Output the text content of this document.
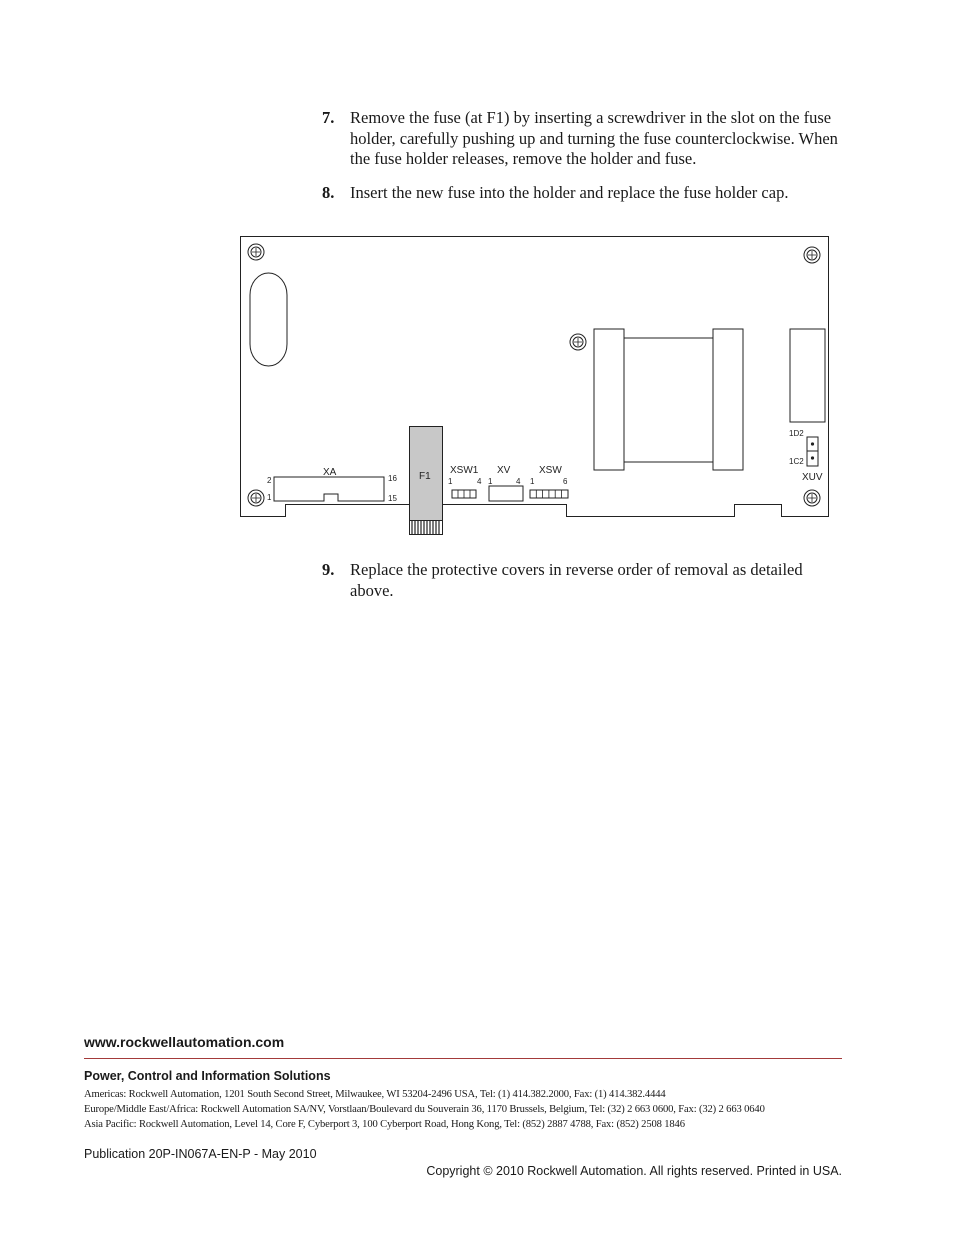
7. Remove the fuse (at F1) by inserting a screwdriver in the slot on the fuse holder, carefully pushing up and turning the fuse counterclockwise. When the fuse holder releases, remove the holder and fuse.
8. Insert the new fuse into the holder and replace the fuse holder cap.
XA
2
1
16
15
F1
XSW1
1	4
XV
1	4
XSW
1	6
1D2
1C2
XUV
9. Replace the protective covers in reverse order of removal as detailed above.
www.rockwellautomation.com
Power, Control and Information Solutions
Americas: Rockwell Automation, 1201 South Second Street, Milwaukee, WI 53204-2496 USA, Tel: (1) 414.382.2000, Fax: (1) 414.382.4444
Europe/Middle East/Africa: Rockwell Automation SA/NV, Vorstlaan/Boulevard du Souverain 36, 1170 Brussels, Belgium, Tel: (32) 2 663 0600, Fax: (32) 2 663 0640
Asia Pacific: Rockwell Automation, Level 14, Core F, Cyberport 3, 100 Cyberport Road, Hong Kong, Tel: (852) 2887 4788, Fax: (852) 2508 1846
Publication 20P-IN067A-EN-P - May 2010
Copyright © 2010 Rockwell Automation. All rights reserved. Printed in USA.
